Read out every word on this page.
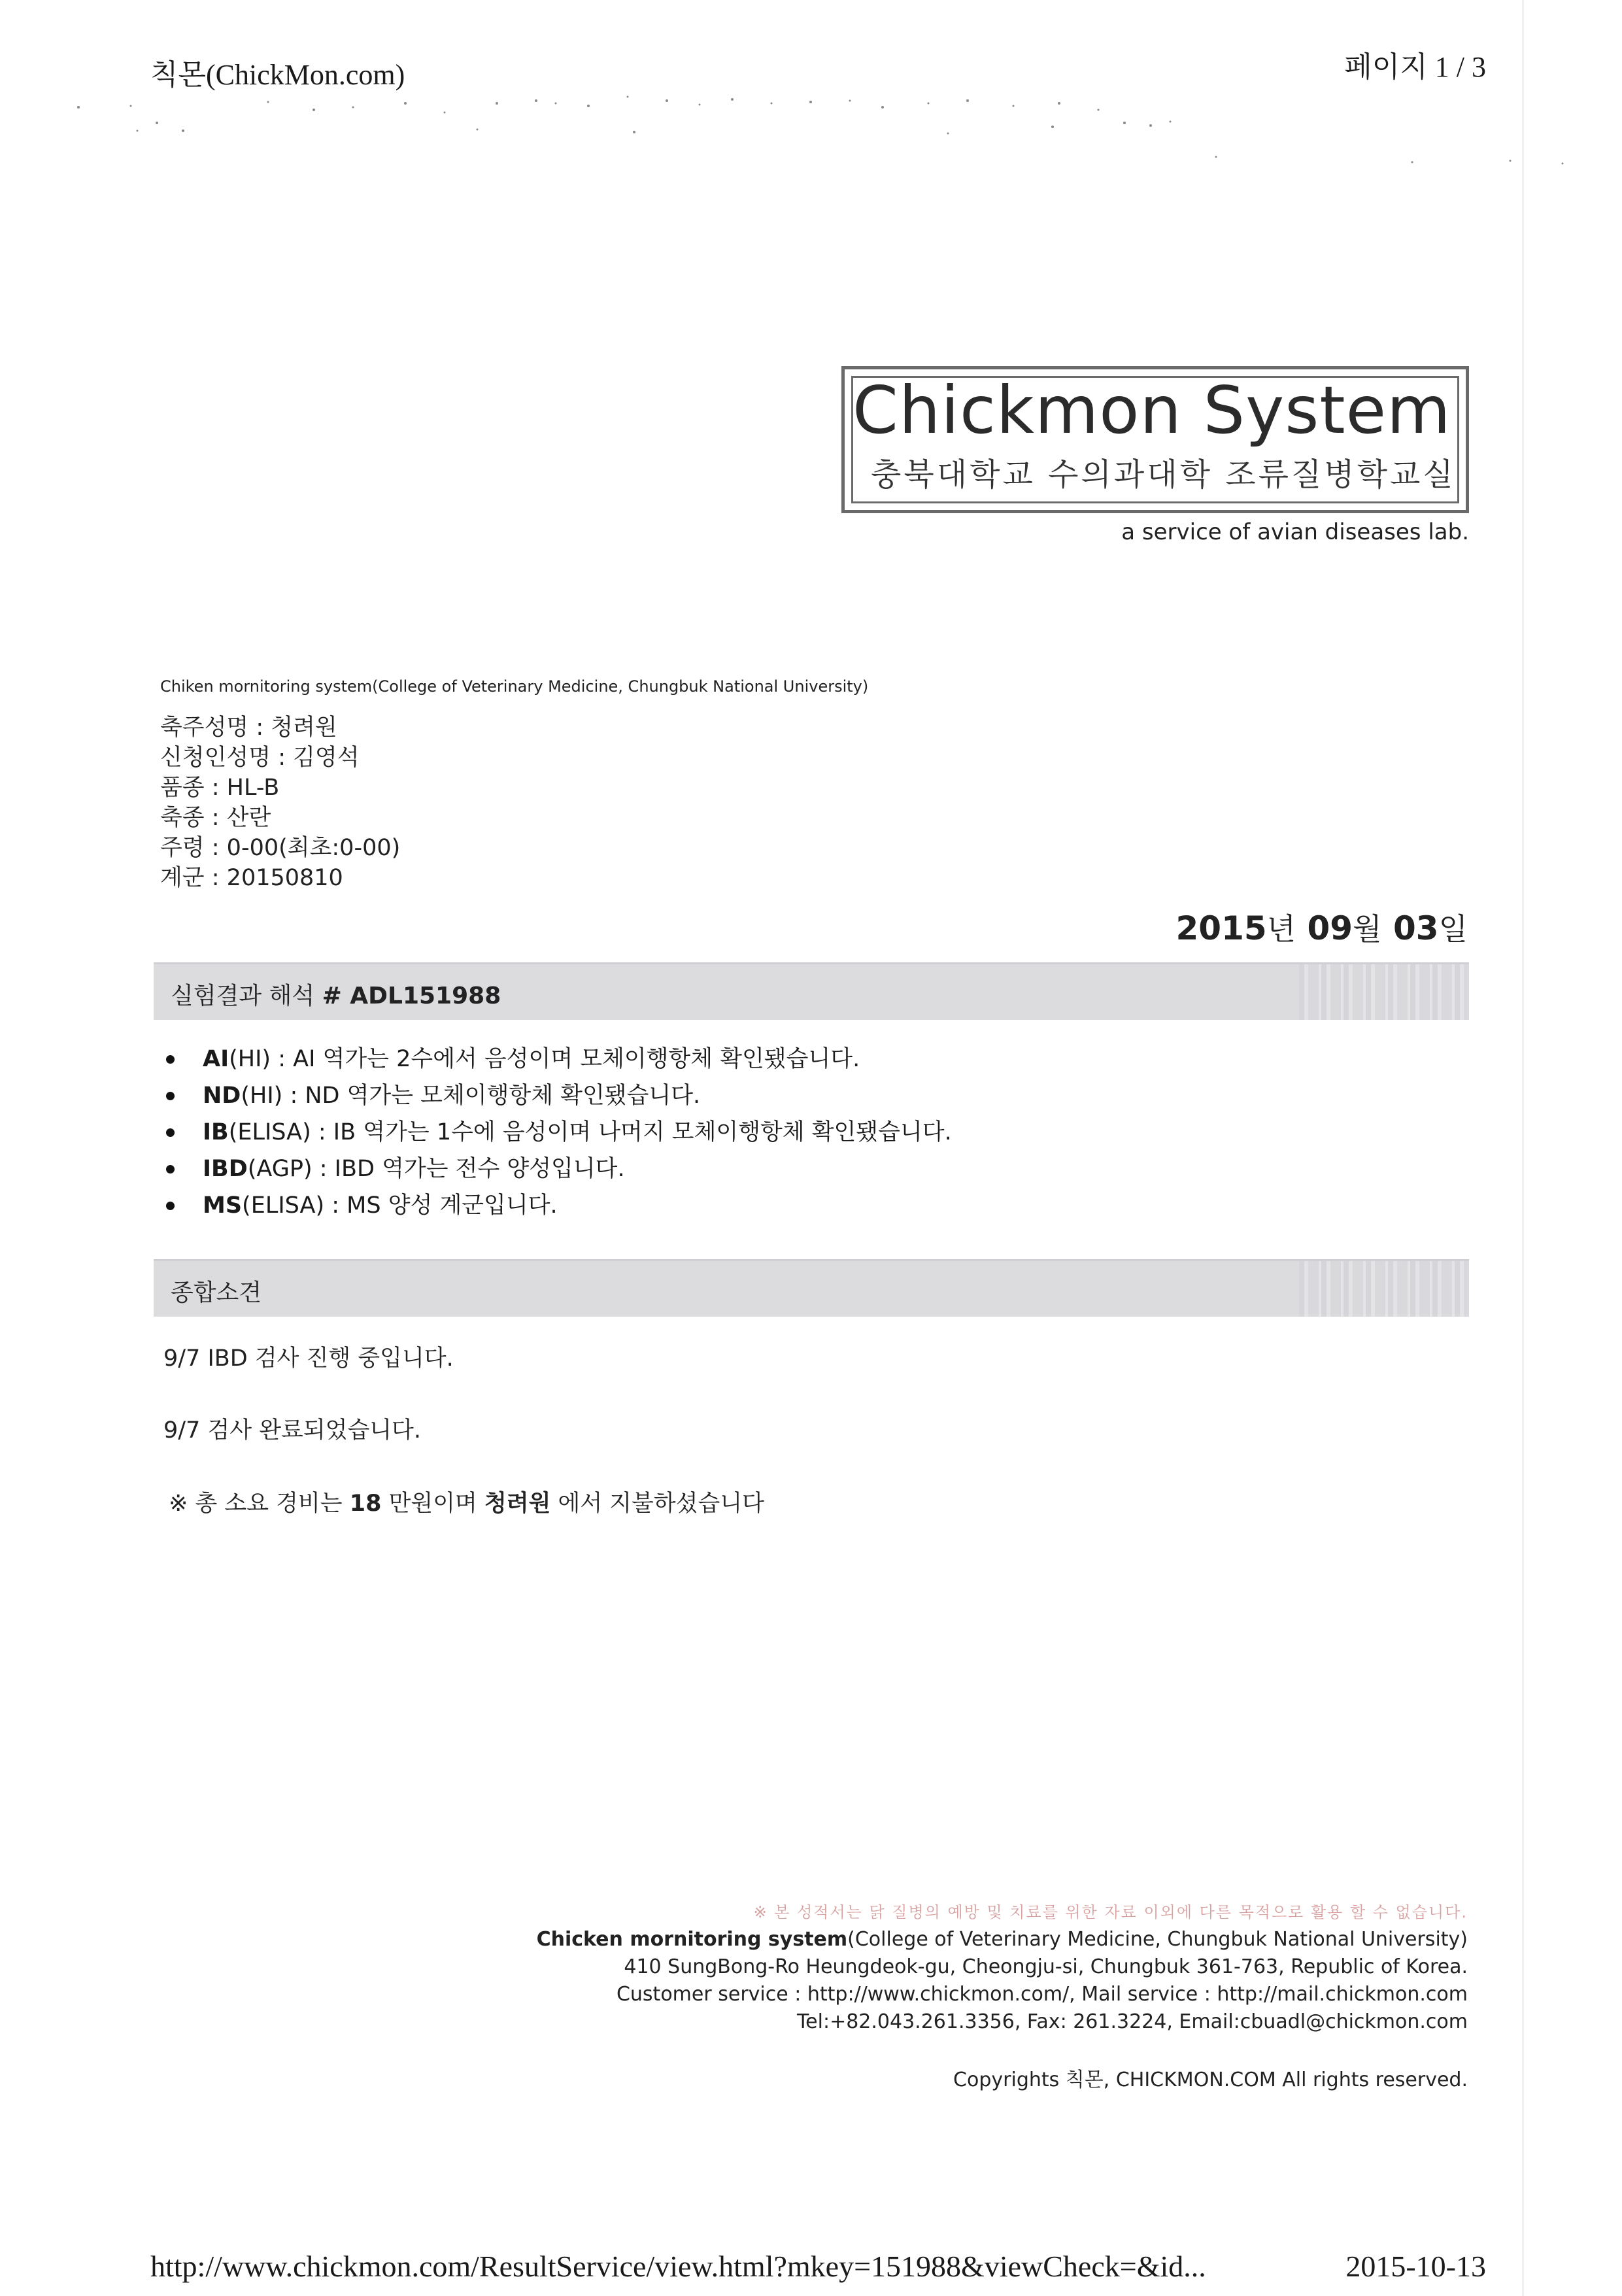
칙몬(ChickMon.com)	페이지 1 / 3
Chickmon System
충북대학교 수의과대학 조류질병학교실
a service of avian diseases lab.
Chiken mornitoring system(College of Veterinary Medicine, Chungbuk National University)
축주성명 : 청려원
신청인성명 : 김영석
품종 : HL-B
축종 : 산란
주령 : 0-00(최초:0-00)
계군 : 20150810
2015년 09월 03일
실험결과 해석 # ADL151988
AI(HI) : AI 역가는 2수에서 음성이며 모체이행항체 확인됐습니다.
ND(HI) : ND 역가는 모체이행항체 확인됐습니다.
IB(ELISA) : IB 역가는 1수에 음성이며 나머지 모체이행항체 확인됐습니다.
IBD(AGP) : IBD 역가는 전수 양성입니다.
MS(ELISA) : MS 양성 계군입니다.
종합소견
9/7 IBD 검사 진행 중입니다.
9/7 검사 완료되었습니다.
※ 총 소요 경비는 18 만원이며 청려원 에서 지불하셨습니다
※ 본 성적서는 닭 질병의 예방 및 치료를 위한 자료 이외에 다른 목적으로 활용 할 수 없습니다.
Chicken mornitoring system(College of Veterinary Medicine, Chungbuk National University)
410 SungBong-Ro Heungdeok-gu, Cheongju-si, Chungbuk 361-763, Republic of Korea.
Customer service : http://www.chickmon.com/, Mail service : http://mail.chickmon.com
Tel:+82.043.261.3356, Fax: 261.3224, Email:cbuadl@chickmon.com
Copyrights 칙몬, CHICKMON.COM All rights reserved.
http://www.chickmon.com/ResultService/view.html?mkey=151988&viewCheck=&id...	2015-10-13
